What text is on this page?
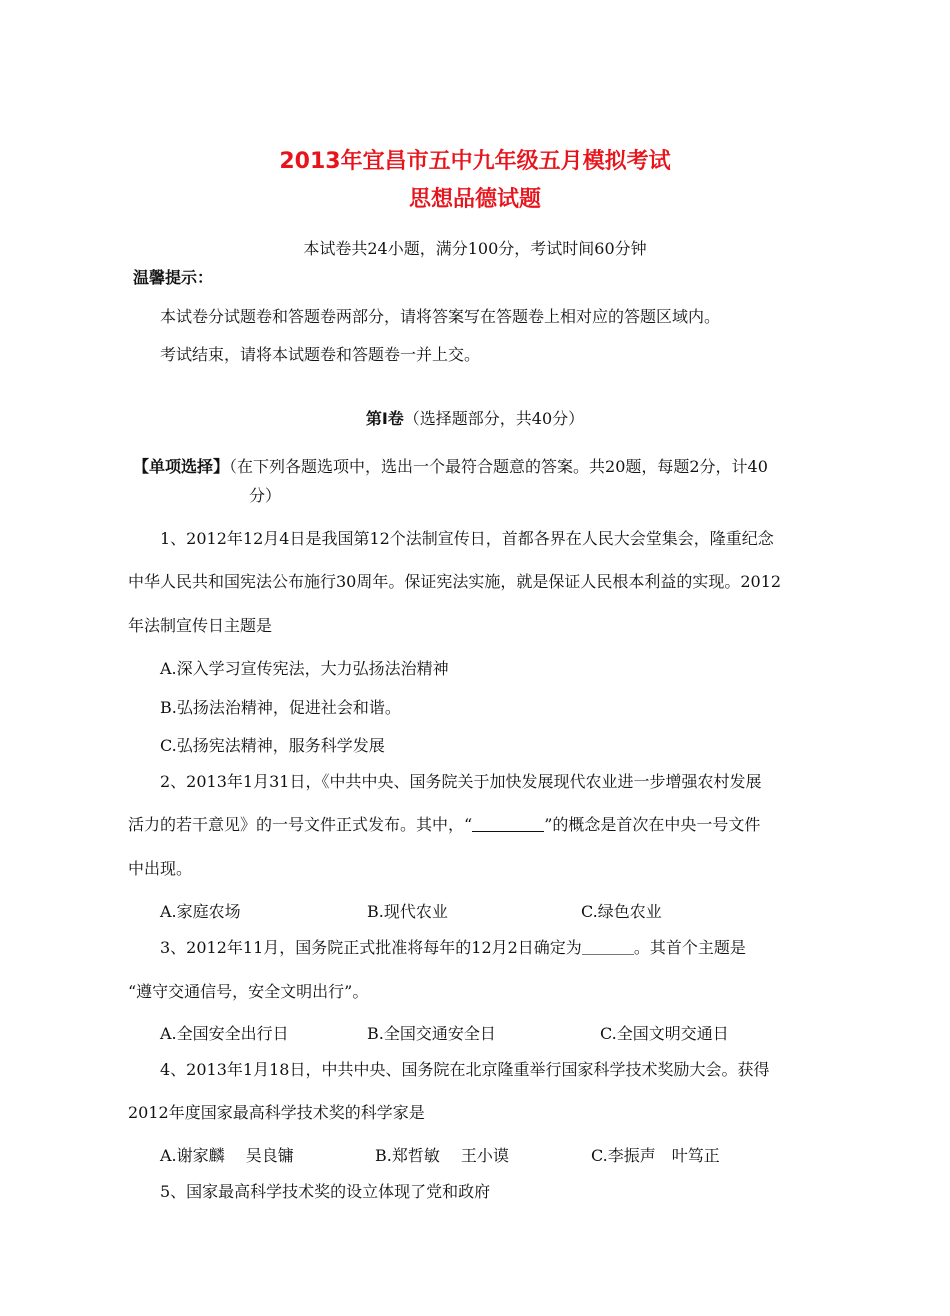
2013年宜昌市五中九年级五月模拟考试
思想品德试题
本试卷共24小题，满分100分，考试时间60分钟
温馨提示：
本试卷分试题卷和答题卷两部分，请将答案写在答题卷上相对应的答题区域内。
考试结束，请将本试题卷和答题卷一并上交。
第Ⅰ卷（选择题部分，共40分）
【单项选择】（在下列各题选项中，选出一个最符合题意的答案。共20题，每题2分，计40
分）
1、2012年12月4日是我国第12个法制宣传日，首都各界在人民大会堂集会，隆重纪念
中华人民共和国宪法公布施行30周年。保证宪法实施，就是保证人民根本利益的实现。2012
年法制宣传日主题是
A.深入学习宣传宪法，大力弘扬法治精神
B.弘扬法治精神，促进社会和谐。
C.弘扬宪法精神，服务科学发展
2、2013年1月31日，《中共中央、国务院关于加快发展现代农业进一步增强农村发展
活力的若干意见》的一号文件正式发布。其中，“	”的概念是首次在中央一号文件
中出现。
A.家庭农场	B.现代农业	C.绿色农业
3、2012年11月，国务院正式批准将每年的12月2日确定为	。其首个主题是
“遵守交通信号，安全文明出行”。
A.全国安全出行日	B.全国交通安全日	C.全国文明交通日
4、2013年1月18日，中共中央、国务院在北京隆重举行国家科学技术奖励大会。获得
2012年度国家最高科学技术奖的科学家是
A.谢家麟　 吴良镛	B.郑哲敏　 王小谟	C.李振声　叶笃正
5、国家最高科学技术奖的设立体现了党和政府
